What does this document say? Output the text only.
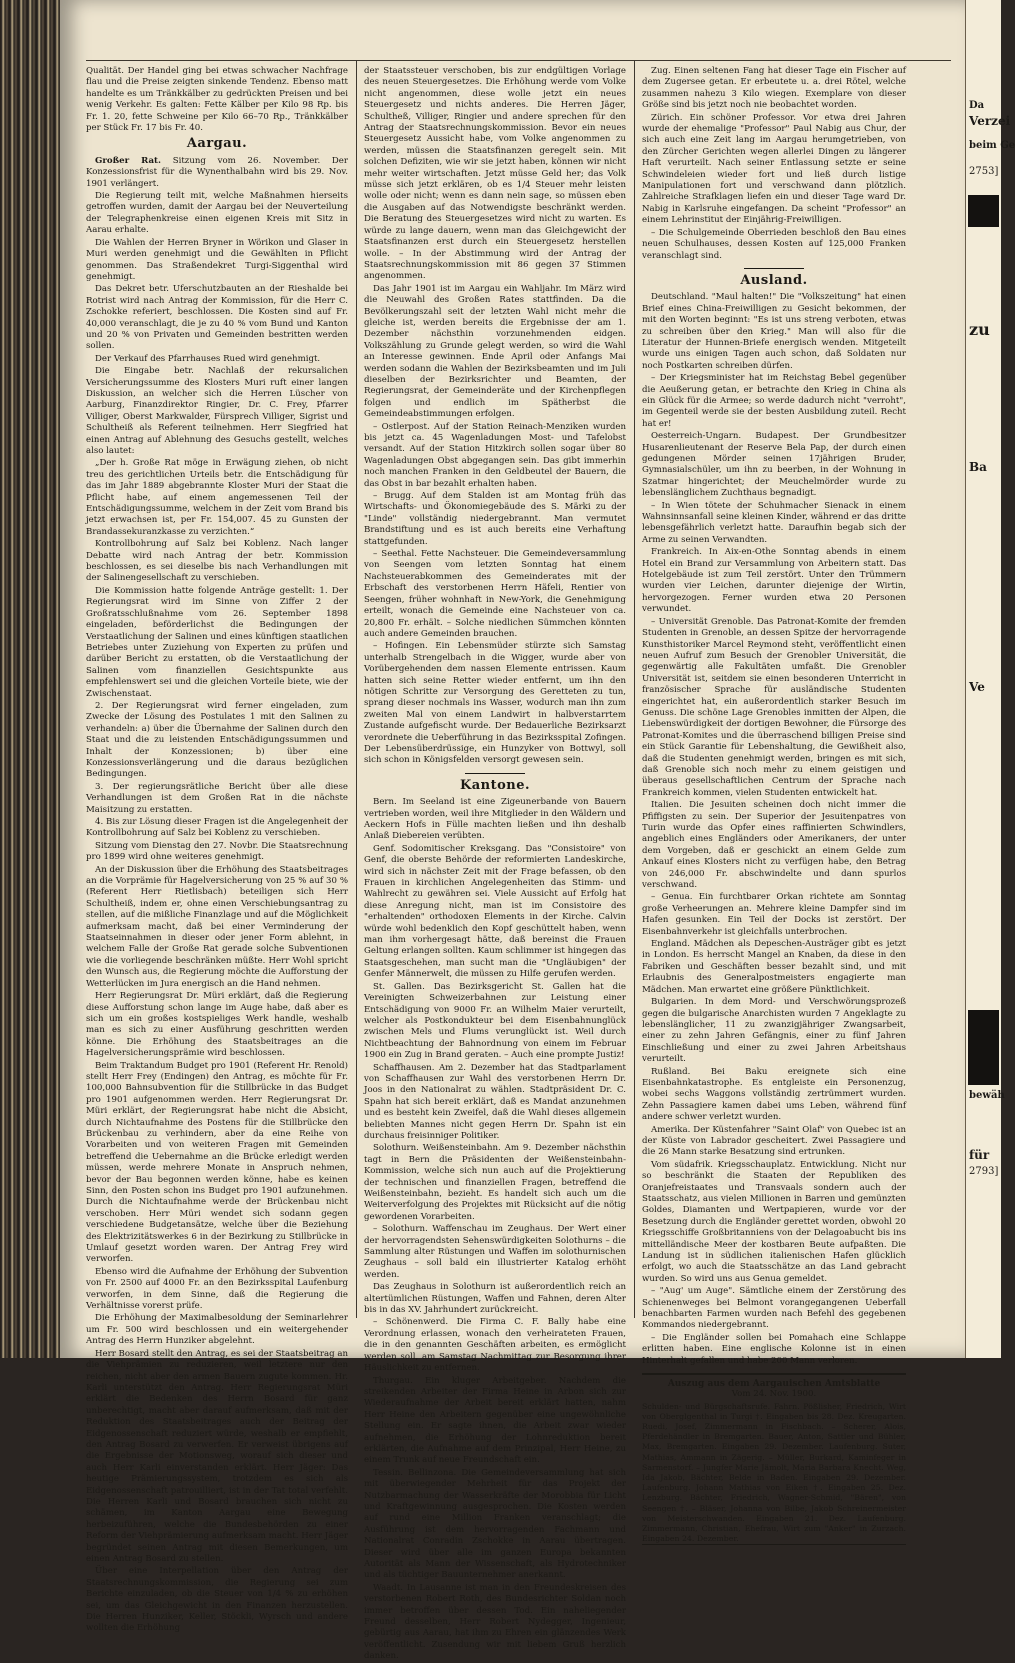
Qualität. Der Handel ging bei etwas schwacher Nachfrage flau und die Preise zeigten sinkende Tendenz. Ebenso matt handelte es um Tränkkälber zu gedrückten Preisen und bei wenig Verkehr. Es galten: Fette Kälber per Kilo 98 Rp. bis Fr. 1. 20, fette Schweine per Kilo 66–70 Rp., Tränkkälber per Stück Fr. 17 bis Fr. 40.

Aargau.

Großer Rat. Sitzung vom 26. November. Der Konzessionsfrist für die Wynenthalbahn wird bis 29. Nov. 1901 verlängert.

Die Regierung teilt mit, welche Maßnahmen hierseits getroffen wurden, damit der Aargau bei der Neuverteilung der Telegraphenkreise einen eigenen Kreis mit Sitz in Aarau erhalte.

Die Wahlen der Herren Bryner in Wörikon und Glaser in Muri werden genehmigt und die Gewählten in Pflicht genommen. Das Straßendekret Turgi-Siggenthal wird genehmigt.

Das Dekret betr. Uferschutzbauten an der Rieshalde bei Rotrist wird nach Antrag der Kommission, für die Herr C. Zschokke referiert, beschlossen. Die Kosten sind auf Fr. 40,000 veranschlagt, die je zu 40 % vom Bund und Kanton und 20 % von Privaten und Gemeinden bestritten werden sollen.

Der Verkauf des Pfarrhauses Rued wird genehmigt.

Die Eingabe betr. Nachlaß der rekursalichen Versicherungssumme des Klosters Muri ruft einer langen Diskussion, an welcher sich die Herren Lüscher von Aarburg, Finanzdirektor Ringier, Dr. C. Frey, Pfarrer Villiger, Oberst Markwalder, Fürsprech Villiger, Sigrist und Schultheiß als Referent teilnehmen. Herr Siegfried hat einen Antrag auf Ablehnung des Gesuchs gestellt, welches also lautet:

„Der h. Große Rat möge in Erwägung ziehen, ob nicht treu des gerichtlichen Urteils betr. die Entschädigung für das im Jahr 1889 abgebrannte Kloster Muri der Staat die Pflicht habe, auf einem angemessenen Teil der Entschädigungssumme, welchem in der Zeit vom Brand bis jetzt erwachsen ist, per Fr. 154,007. 45 zu Gunsten der Brandassekuranzkasse zu verzichten.“

Kontrollbohrung auf Salz bei Koblenz. Nach langer Debatte wird nach Antrag der betr. Kommission beschlossen, es sei dieselbe bis nach Verhandlungen mit der Salinengesellschaft zu verschieben.

Die Kommission hatte folgende Anträge gestellt: 1. Der Regierungsrat wird im Sinne von Ziffer 2 der Großratsschlußnahme vom 26. September 1898 eingeladen, beförderlichst die Bedingungen der Verstaatlichung der Salinen und eines künftigen staatlichen Betriebes unter Zuziehung von Experten zu prüfen und darüber Bericht zu erstatten, ob die Verstaatlichung der Salinen vom finanziellen Gesichtspunkte aus empfehlenswert sei und die gleichen Vorteile biete, wie der Zwischenstaat.

2. Der Regierungsrat wird ferner eingeladen, zum Zwecke der Lösung des Postulates 1 mit den Salinen zu verhandeln: a) über die Übernahme der Salinen durch den Staat und die zu leistenden Entschädigungssummen und Inhalt der Konzessionen; b) über eine Konzessionsverlängerung und die daraus bezüglichen Bedingungen.

3. Der regierungsrätliche Bericht über alle diese Verhandlungen ist dem Großen Rat in die nächste Maisitzung zu erstatten.

4. Bis zur Lösung dieser Fragen ist die Angelegenheit der Kontrollbohrung auf Salz bei Koblenz zu verschieben.

Sitzung vom Dienstag den 27. Novbr. Die Staatsrechnung pro 1899 wird ohne weiteres genehmigt.

An der Diskussion über die Erhöhung des Staatsbeitrages an die Vorprämie für Hagelversicherung von 25 % auf 30 % (Referent Herr Rietlisbach) beteiligen sich Herr Schultheiß, indem er, ohne einen Verschiebungsantrag zu stellen, auf die mißliche Finanzlage und auf die Möglichkeit aufmerksam macht, daß bei einer Verminderung der Staatseinnahmen in dieser oder jener Form ablehnt, in welchem Falle der Große Rat gerade solche Subventionen wie die vorliegende beschränken müßte. Herr Wohl spricht den Wunsch aus, die Regierung möchte die Aufforstung der Wetterlücken im Jura energisch an die Hand nehmen.

Herr Regierungsrat Dr. Müri erklärt, daß die Regierung diese Aufforstung schon lange im Auge habe, daß aber es sich um ein großes kostspieliges Werk handle, weshalb man es sich zu einer Ausführung geschritten werden könne. Die Erhöhung des Staatsbeitrages an die Hagelversicherungsprämie wird beschlossen.

Beim Traktandum Budget pro 1901 (Referent Hr. Renold) stellt Herr Frey (Endingen) den Antrag, es möchte für Fr. 100,000 Bahnsubvention für die Stillbrücke in das Budget pro 1901 aufgenommen werden. Herr Regierungsrat Dr. Müri erklärt, der Regierungsrat habe nicht die Absicht, durch Nichtaufnahme des Postens für die Stillbrücke den Brückenbau zu verhindern, aber da eine Reihe von Vorarbeiten und von weiteren Fragen mit Gemeinden betreffend die Uebernahme an die Brücke erledigt werden müssen, werde mehrere Monate in Anspruch nehmen, bevor der Bau begonnen werden könne, habe es keinen Sinn, den Posten schon ins Budget pro 1901 aufzunehmen. Durch die Nichtaufnahme werde der Brückenbau nicht verschoben. Herr Müri wendet sich sodann gegen verschiedene Budgetansätze, welche über die Beziehung des Elektrizitätswerkes 6 in der Bezirkung zu Stillbrücke in Umlauf gesetzt worden waren. Der Antrag Frey wird verworfen.

Ebenso wird die Aufnahme der Erhöhung der Subvention von Fr. 2500 auf 4000 Fr. an den Bezirksspital Laufenburg verworfen, in dem Sinne, daß die Regierung die Verhältnisse vorerst prüfe.

Die Erhöhung der Maximalbesoldung der Seminarlehrer um Fr. 500 wird beschlossen und ein weitergehender Antrag des Herrn Hunziker abgelehnt.

Herr Bosard stellt den Antrag, es sei der Staatsbeitrag an die Viehprämien zu reduzieren, weil letztere nur den reichen, nicht aber den armen Bauern zugute kommen. Hr. Karli unterstützt den Antrag. Herr Regierungsrat Müri erklärt die Bedenken des Herrn Bosard für ganz unberechtigt, macht aber darauf aufmerksam, daß mit der Reduktion des Staatsbeitrages auch der Beitrag der Eidgenossenschaft reduziert würde, weshalb er empfiehlt, den Antrag Bosard zu verwerfen. Er verweist übrigens auf die Ergebnisse der Motionsweg, worauf sich dieser und auch Herr Karli einverstanden erklärt. Herr Jäger: Das heutige Prämierungssystem, trotzdem es sich als Eidgenossenschaft patrouilliert, ist in der Tat total verfehlt. Die Herren Karli und Bosard brauchen sich nicht zu schämen, im Kanton Aargau eine Bewegung herbeizuführen, welche die Bundesbehörden zu einer Reform der Viehprämierung aufmerksam macht. Herr Jäger begründet seinen Antrag mit diesen Bemerkungen, um einen Antrag Bosard zu stellen.

Über eine Interpellation über den Antrag der Staatsrechnungskommission, die Regierung sei zum Berichte einzuladen, ob die Steuer von 1/4 % zu erhöhen sei, um das Gleichgewicht in den Finanzen herzustellen. Die Herren Hunziker, Keller, Stöckli, Wyrsch und andere wollten die Erhöhung

der Staatssteuer verschoben, bis zur endgültigen Vorlage des neuen Steuergesetzes. Die Erhöhung werde vom Volke nicht angenommen, diese wolle jetzt ein neues Steuergesetz und nichts anderes. Die Herren Jäger, Schultheß, Villiger, Ringier und andere sprechen für den Antrag der Staatsrechnungskommission. Bevor ein neues Steuergesetz Aussicht habe, vom Volke angenommen zu werden, müssen die Staatsfinanzen geregelt sein. Mit solchen Defiziten, wie wir sie jetzt haben, können wir nicht mehr weiter wirtschaften. Jetzt müsse Geld her; das Volk müsse sich jetzt erklären, ob es 1/4 Steuer mehr leisten wolle oder nicht; wenn es dann nein sage, so müssen eben die Ausgaben auf das Notwendigste beschränkt werden. Die Beratung des Steuergesetzes wird nicht zu warten. Es würde zu lange dauern, wenn man das Gleichgewicht der Staatsfinanzen erst durch ein Steuergesetz herstellen wolle. – In der Abstimmung wird der Antrag der Staatsrechnungskommission mit 86 gegen 37 Stimmen angenommen.

Das Jahr 1901 ist im Aargau ein Wahljahr. Im März wird die Neuwahl des Großen Rates stattfinden. Da die Bevölkerungszahl seit der letzten Wahl nicht mehr die gleiche ist, werden bereits die Ergebnisse der am 1. Dezember nächsthin vorzunehmenden eidgen. Volkszählung zu Grunde gelegt werden, so wird die Wahl an Interesse gewinnen. Ende April oder Anfangs Mai werden sodann die Wahlen der Bezirksbeamten und im Juli dieselben der Bezirksrichter und Beamten, der Regierungsrat, der Gemeinderäte und der Kirchenpflegen folgen und endlich im Spätherbst die Gemeindeabstimmungen erfolgen.

– Ostlerpost. Auf der Station Reinach-Menziken wurden bis jetzt ca. 45 Wagenladungen Most- und Tafelobst versandt. Auf der Station Hitzkirch sollen sogar über 80 Wagenladungen Obst abgegangen sein. Das gibt immerhin noch manchen Franken in den Geldbeutel der Bauern, die das Obst in bar bezahlt erhalten haben.

– Brugg. Auf dem Stalden ist am Montag früh das Wirtschafts- und Ökonomiegebäude des S. Märki zu der "Linde" vollständig niedergebrannt. Man vermutet Brandstiftung und es ist auch bereits eine Verhaftung stattgefunden.

– Seethal. Fette Nachsteuer. Die Gemeindeversammlung von Seengen vom letzten Sonntag hat einem Nachsteuerabkommen des Gemeinderates mit der Erbschaft des verstorbenen Herrn Häfeli, Rentier von Seengen, früher wohnhaft in New-York, die Genehmigung erteilt, wonach die Gemeinde eine Nachsteuer von ca. 20,800 Fr. erhält. – Solche niedlichen Sümmchen könnten auch andere Gemeinden brauchen.

– Hofingen. Ein Lebensmüder stürzte sich Samstag unterhalb Strengelbach in die Wigger, wurde aber von Vorübergehenden dem nassen Elemente entrissen. Kaum hatten sich seine Retter wieder entfernt, um ihn den nötigen Schritte zur Versorgung des Geretteten zu tun, sprang dieser nochmals ins Wasser, wodurch man ihn zum zweiten Mal von einem Landwirt in halbverstarrtem Zustande aufgefischt wurde. Der Bedauerliche Bezirksarzt verordnete die Ueberführung in das Bezirksspital Zofingen. Der Lebensüberdrüssige, ein Hunzyker von Bottwyl, soll sich schon in Königsfelden versorgt gewesen sein.

Kantone.

Bern. Im Seeland ist eine Zigeunerbande von Bauern vertrieben worden, weil ihre Mitglieder in den Wäldern und Aeckern Hofs in Fülle machten ließen und ihn deshalb Anlaß Diebereien verübten.

Genf. Sodomitischer Kreksgang. Das "Consistoire" von Genf, die oberste Behörde der reformierten Landeskirche, wird sich in nächster Zeit mit der Frage befassen, ob den Frauen in kirchlichen Angelegenheiten das Stimm- und Wahlrecht zu gewähren sei. Viele Aussicht auf Erfolg hat diese Anregung nicht, man ist im Consistoire des "erhaltenden" orthodoxen Elements in der Kirche. Calvin würde wohl bedenklich den Kopf geschüttelt haben, wenn man ihm vorhergesagt hätte, daß bereinst die Frauen Geltung erlangen sollten. Kaum schlimmer ist hingegen das Staatsgeschehen, man sucht man die "Ungläubigen" der Genfer Männerwelt, die müssen zu Hilfe gerufen werden.

St. Gallen. Das Bezirksgericht St. Gallen hat die Vereinigten Schweizerbahnen zur Leistung einer Entschädigung von 9000 Fr. an Wilhelm Maier verurteilt, welcher als Postkondukteur bei dem Eisenbahnunglück zwischen Mels und Flums verunglückt ist. Weil durch Nichtbeachtung der Bahnordnung von einem im Februar 1900 ein Zug in Brand geraten. – Auch eine prompte Justiz!

Schaffhausen. Am 2. Dezember hat das Stadtparlament von Schaffhausen zur Wahl des verstorbenen Herrn Dr. Joos in den Nationalrat zu wählen. Stadtpräsident Dr. C. Spahn hat sich bereit erklärt, daß es Mandat anzunehmen und es besteht kein Zweifel, daß die Wahl dieses allgemein beliebten Mannes nicht gegen Herrn Dr. Spahn ist ein durchaus freisinniger Politiker.

Solothurn. Weißensteinbahn. Am 9. Dezember nächsthin tagt in Bern die Präsidenten der Weißensteinbahn-Kommission, welche sich nun auch auf die Projektierung der technischen und finanziellen Fragen, betreffend die Weißensteinbahn, bezieht. Es handelt sich auch um die Weiterverfolgung des Projektes mit Rücksicht auf die nötig gewordenen Vorarbeiten.

– Solothurn. Waffenschau im Zeughaus. Der Wert einer der hervorragendsten Sehenswürdigkeiten Solothurns – die Sammlung alter Rüstungen und Waffen im solothurnischen Zeughaus – soll bald ein illustrierter Katalog erhöht werden.

Das Zeughaus in Solothurn ist außerordentlich reich an altertümlichen Rüstungen, Waffen und Fahnen, deren Alter bis in das XV. Jahrhundert zurückreicht.

– Schönenwerd. Die Firma C. F. Bally habe eine Verordnung erlassen, wonach den verheirateten Frauen, die in den genannten Geschäften arbeiten, es ermöglicht werden soll, am Samstag Nachmittag zur Besorgung ihrer Häuslichkeit zu entfernen.

Thurgau. Ein kluger Arbeitgeber. Nachdem die streikenden Arbeiter der Firma Heine in Arbon sich zur Wiederaufnahme der Arbeit bereit erklärt hatten, nahm Herr Heine den Arbeitern gegenüber eine ungewöhnliche Stellung ein. Er sagte ihnen, die Arbeit zwar wieder aufnehmen, die Erhöhung der Lohnreduktion bereit erklärten, die Aufnahme auf dem Prinzipal, Herr Heine, zu einem Trunk auf neue Freundschaft ein.

Tessin. Bellinzona. Die Gemeindeversammlung hat sich mit überwiegender Mehrheit für das Projekt der Nutzbarmachung der Wasserkräfte der Morobbia für Licht und Kraftgewinnung ausgesprochen. Die Kosten werden auf rund eine Million Franken veranschlagt; die Ausführung ist dem hervorragenden Fachmann und Nationalrat Conradin Zschokke in Aarau übertragen. Dieser wird über alle im ganzen Europa bekannten Autorität als Mann der Wissenschaft, als Hydrotechniker und als tüchtiger Bauunternehmer anerkannt.

Waadt. In Lausanne ist man in den Freundeskreisen des verstorbenen Robert Roth, des Bundesrichter Soldan noch immer betroffen über dessen Tod. Ein naheliegender Freund desselben, Herr Robert Nydegger, Ingenieur, gebürtig aus Aarau, hat ihm zu Ehren ein glänzendes Werk veröffentlicht. Zusendung wir mit liebem Gruß herzlich danken.

Zug. Einen seltenen Fang hat dieser Tage ein Fischer auf dem Zugersee getan. Er erbeutete u. a. drei Rötel, welche zusammen nahezu 3 Kilo wiegen. Exemplare von dieser Größe sind bis jetzt noch nie beobachtet worden.

Zürich. Ein schöner Professor. Vor etwa drei Jahren wurde der ehemalige "Professor" Paul Nabig aus Chur, der sich auch eine Zeit lang im Aargau herumgetrieben, von den Zürcher Gerichten wegen allerlei Dingen zu längerer Haft verurteilt. Nach seiner Entlassung setzte er seine Schwindeleien wieder fort und ließ durch listige Manipulationen fort und verschwand dann plötzlich. Zahlreiche Strafklagen liefen ein und dieser Tage ward Dr. Nabig in Karlsruhe eingefangen. Da scheint "Professor" an einem Lehrinstitut der Einjährig-Freiwilligen.

– Die Schulgemeinde Oberrieden beschloß den Bau eines neuen Schulhauses, dessen Kosten auf 125,000 Franken veranschlagt sind.

Ausland.

Deutschland. "Maul halten!" Die "Volkszeitung" hat einen Brief eines China-Freiwilligen zu Gesicht bekommen, der mit den Worten beginnt: "Es ist uns streng verboten, etwas zu schreiben über den Krieg." Man will also für die Literatur der Hunnen-Briefe energisch wenden. Mitgeteilt wurde uns einigen Tagen auch schon, daß Soldaten nur noch Postkarten schreiben dürfen.

– Der Kriegsminister hat im Reichstag Bebel gegenüber die Aeußerung getan, er betrachte den Krieg in China als ein Glück für die Armee; so werde dadurch nicht "verroht", im Gegenteil werde sie der besten Ausbildung zuteil. Recht hat er!

Oesterreich-Ungarn. Budapest. Der Grundbesitzer Husarenlieutenant der Reserve Bela Pap, der durch einen gedungenen Mörder seinen 17jährigen Bruder, Gymnasialschüler, um ihn zu beerben, in der Wohnung in Szatmar hingerichtet; der Meuchelmörder wurde zu lebenslänglichem Zuchthaus begnadigt.

– In Wien tötete der Schuhmacher Sienack in einem Wahnsinnsanfall seine kleinen Kinder, während er das dritte lebensgefährlich verletzt hatte. Daraufhin begab sich der Arme zu seinen Verwandten.

Frankreich. In Aix-en-Othe Sonntag abends in einem Hotel ein Brand zur Versammlung von Arbeitern statt. Das Hotelgebäude ist zum Teil zerstört. Unter den Trümmern wurden vier Leichen, darunter diejenige der Wirtin, hervorgezogen. Ferner wurden etwa 20 Personen verwundet.

– Universität Grenoble. Das Patronat-Komite der fremden Studenten in Grenoble, an dessen Spitze der hervorragende Kunsthistoriker Marcel Reymond steht, veröffentlicht einen neuen Aufruf zum Besuch der Grenobler Universität, die gegenwärtig alle Fakultäten umfaßt. Die Grenobler Universität ist, seitdem sie einen besonderen Unterricht in französischer Sprache für ausländische Studenten eingerichtet hat, ein außerordentlich starker Besuch im Genuss. Die schöne Lage Grenobles inmitten der Alpen, die Liebenswürdigkeit der dortigen Bewohner, die Fürsorge des Patronat-Komites und die überraschend billigen Preise sind ein Stück Garantie für Lebenshaltung, die Gewißheit also, daß die Studenten genehmigt werden, bringen es mit sich, daß Grenoble sich noch mehr zu einem geistigen und überaus gesellschaftlichen Centrum der Sprache nach Frankreich kommen, vielen Studenten entwickelt hat.

Italien. Die Jesuiten scheinen doch nicht immer die Pfiffigsten zu sein. Der Superior der Jesuitenpatres von Turin wurde das Opfer eines raffinierten Schwindlers, angeblich eines Engländers oder Amerikaners, der unter dem Vorgeben, daß er geschickt an einem Gelde zum Ankauf eines Klosters nicht zu verfügen habe, den Betrag von 246,000 Fr. abschwindelte und dann spurlos verschwand.

– Genua. Ein furchtbarer Orkan richtete am Sonntag große Verheerungen an. Mehrere kleine Dampfer sind im Hafen gesunken. Ein Teil der Docks ist zerstört. Der Eisenbahnverkehr ist gleichfalls unterbrochen.

England. Mädchen als Depeschen-Austräger gibt es jetzt in London. Es herrscht Mangel an Knaben, da diese in den Fabriken und Geschäften besser bezahlt sind, und mit Erlaubnis des Generalpostmeisters engagierte man Mädchen. Man erwartet eine größere Pünktlichkeit.

Bulgarien. In dem Mord- und Verschwörungsprozeß gegen die bulgarische Anarchisten wurden 7 Angeklagte zu lebenslänglicher, 11 zu zwanzigjähriger Zwangsarbeit, einer zu zehn Jahren Gefängnis, einer zu fünf Jahren Einschließung und einer zu zwei Jahren Arbeitshaus verurteilt.

Rußland. Bei Baku ereignete sich eine Eisenbahnkatastrophe. Es entgleiste ein Personenzug, wobei sechs Waggons vollständig zertrümmert wurden. Zehn Passagiere kamen dabei ums Leben, während fünf andere schwer verletzt wurden.

Amerika. Der Küstenfahrer "Saint Olaf" von Quebec ist an der Küste von Labrador gescheitert. Zwei Passagiere und die 26 Mann starke Besatzung sind ertrunken.

Vom südafrik. Kriegsschauplatz. Entwicklung. Nicht nur so beschränkt die Staaten der Republiken des Oranjefreistaates und Transvaals sondern auch der Staatsschatz, aus vielen Millionen in Barren und gemünzten Goldes, Diamanten und Wertpapieren, wurde vor der Besetzung durch die Engländer gerettet worden, obwohl 20 Kriegsschiffe Großbritanniens von der Delagoabucht bis ins mittelländische Meer der kostbaren Beute aufpaßten. Die Landung ist in südlichen italienischen Hafen glücklich erfolgt, wo auch die Staatsschätze an das Land gebracht wurden. So wird uns aus Genua gemeldet.

– "Aug' um Auge". Sämtliche einem der Zerstörung des Schienenweges bei Belmont vorangegangenen Ueberfall benachbarten Farmen wurden nach Befehl des gegebenen Kommandos niedergebrannt.

– Die Engländer sollen bei Pomahach eine Schlappe erlitten haben. Eine englische Kolonne ist in einen Hinterhalt gefallen und habe 200 Mann verloren.

Auszug aus dem Aargauischen Amtsblatte
Vom 24. Nov. 1900.
Schulden- und Bürgschaftsrufe. Fahrn. Pößlisher, Friedrich, Wirt von Oberglgenthal in Turgi †. Eingaben bis 28. Dez. Kreugarten. Ruedi, Josef, Zimmermann in Fischbach. – Scherer, Alois, Pferdehändler in Bremgarten. Bauer, Anton, Sattler und Bühler, Max, Bremgarten. Eingaben 29. Dezember. Laufenburg. Suter, Mathias, Ammann in Zägerig. – Müller, Burkard, Kaminfeger in Sarmenstorf. – Jungfer Marie Jämolt, Maria Barbara Knecht. Weg, Ida Jakob, Bächter, Belde in Baden. Eingaben 29. Dezember. Laufenburg. Johann Mathias von Eiken †. Eingaben 25. Dez. Lenzburg. Bächter, Friedrich, Wagner-Schmid, "Bären", von Seengen †. – Bläser, Johanna von Bilbe, Jakob Schreinermeister von Meisterschwanden. Eingaben 21. Dez. Laufenburg. Zimmermann, Christian, Ehefrau, Wirt zum "Anker" in Zurzach. Eingaben 24. Dezember.
Da
Verzei
beim Ge
2753]
zu
Ba
Ve
bewäh
für
2793]
